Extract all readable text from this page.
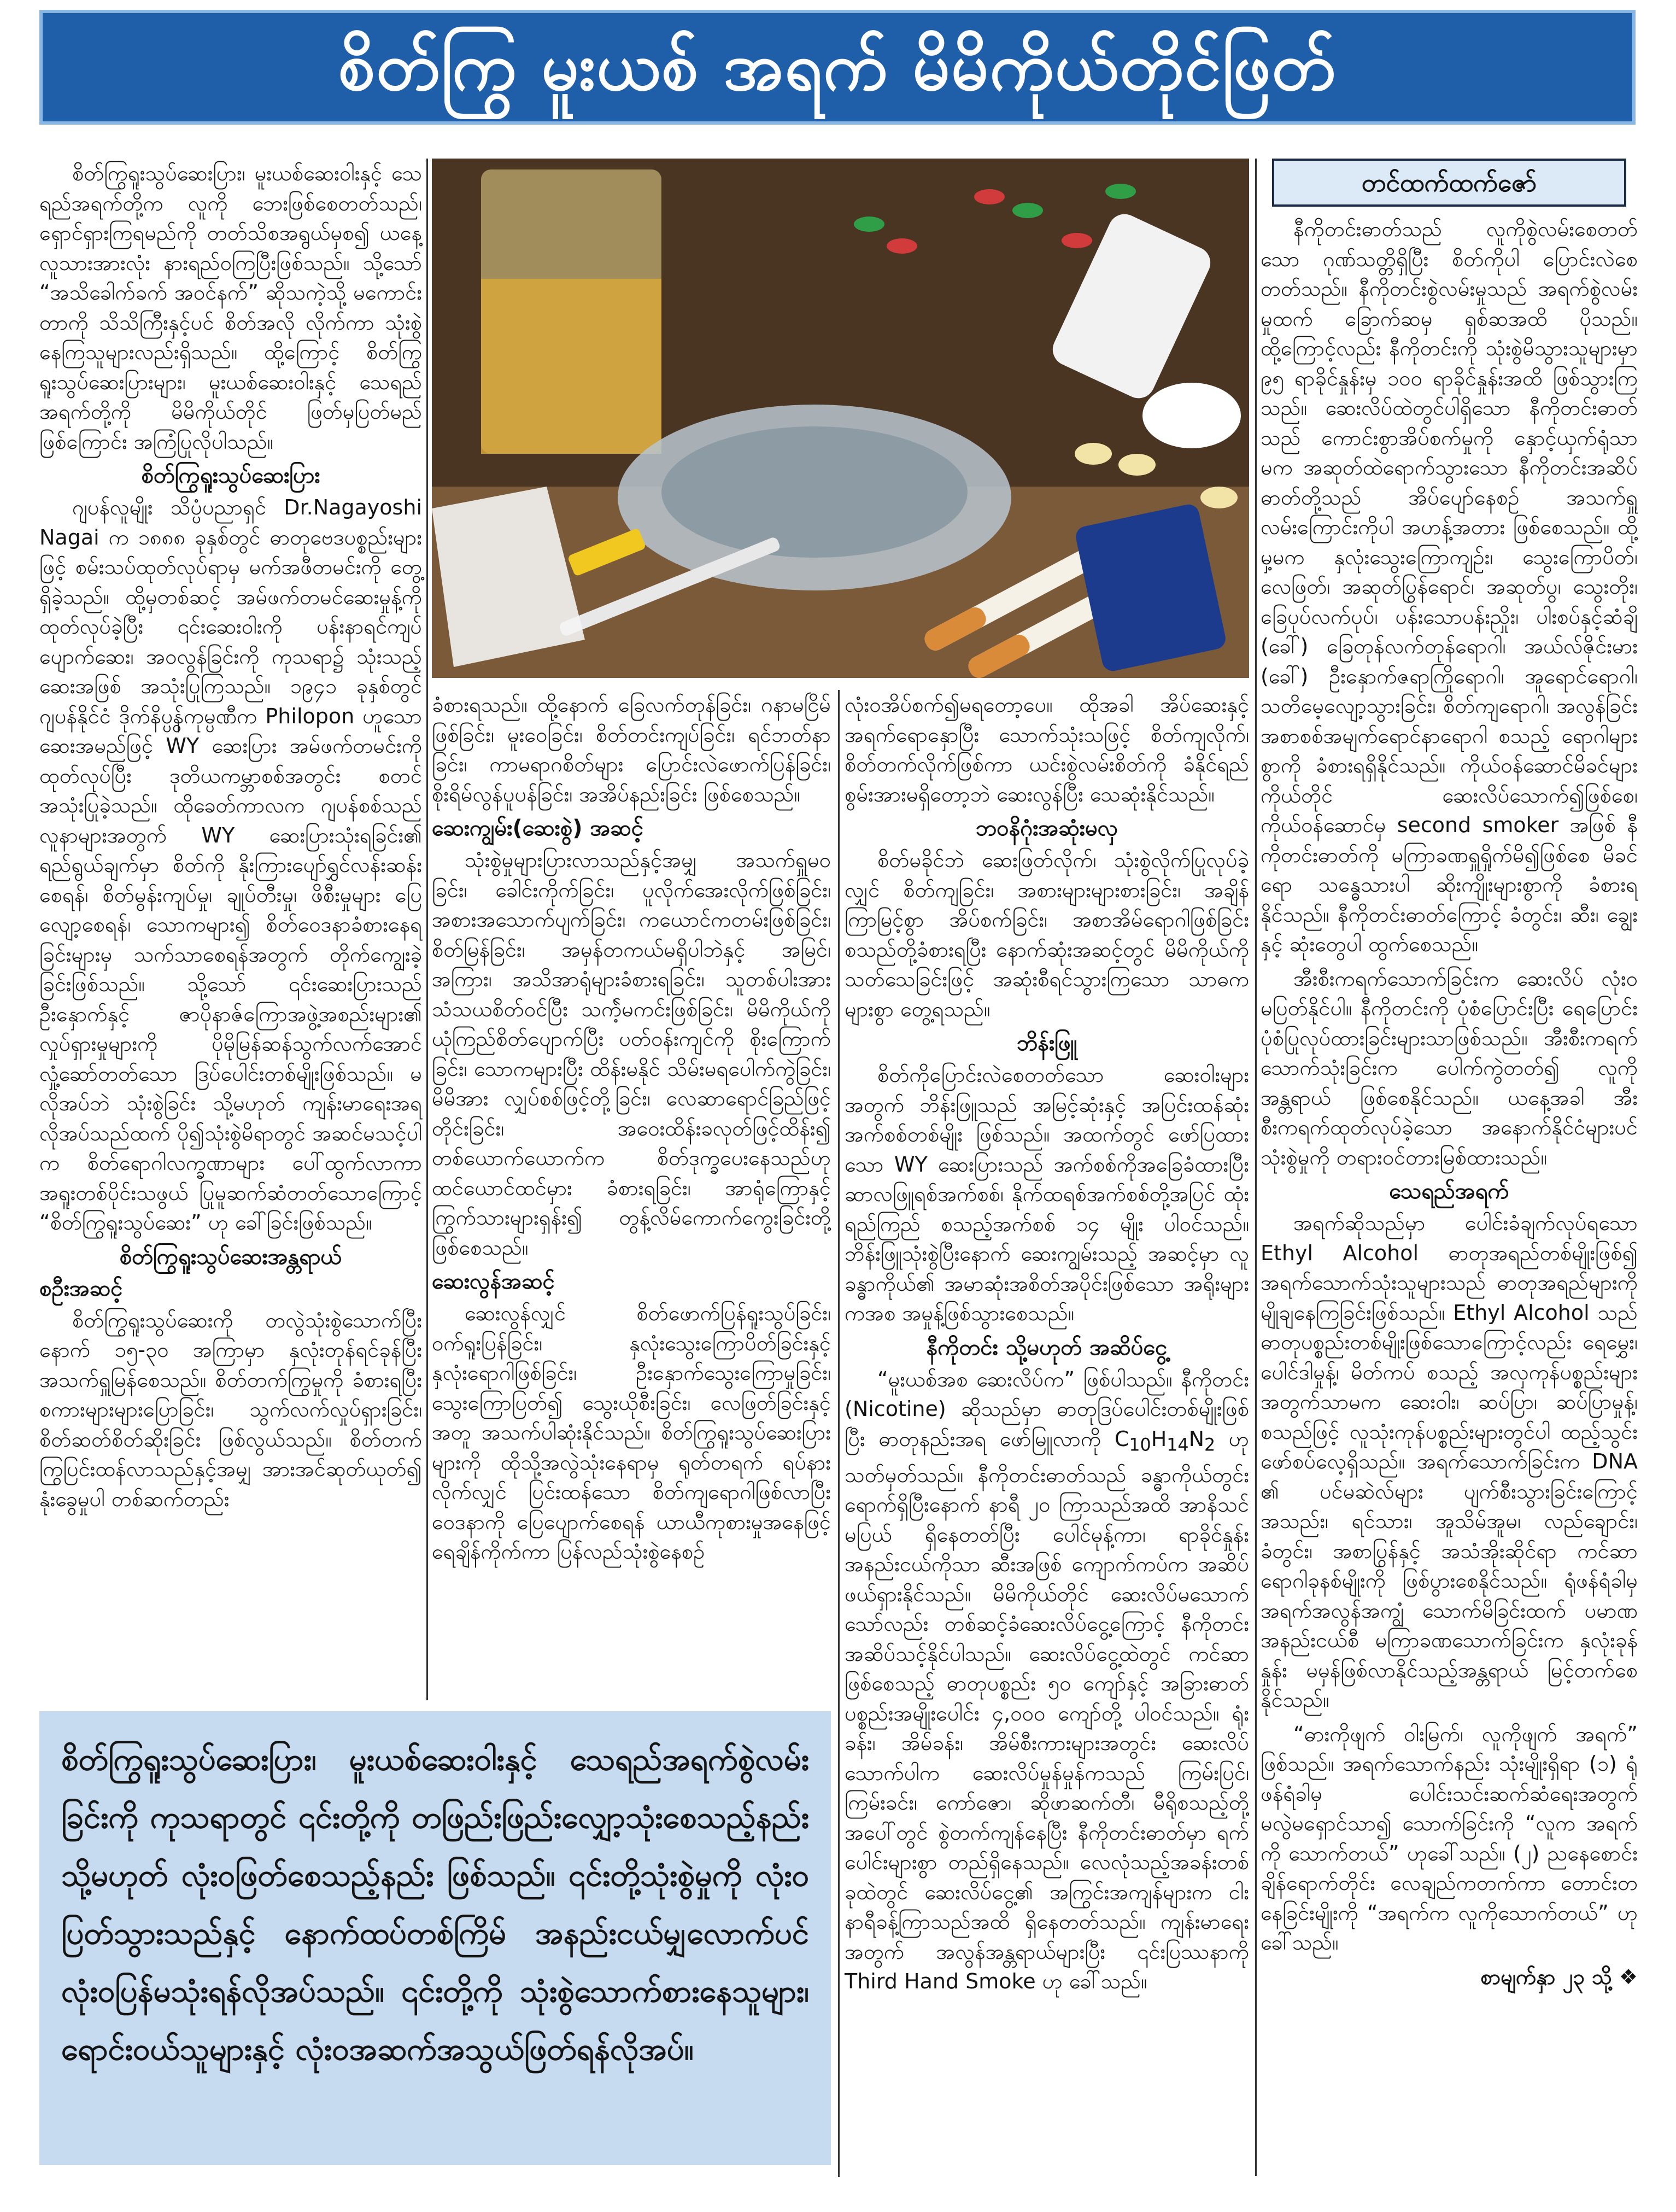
စိတ်ကြွ မူးယစ် အရက် မိမိကိုယ်တိုင်ဖြတ်

စိတ်ကြွရူးသွပ်ဆေးပြား၊ မူးယစ်ဆေးဝါးနှင့် သေရည်အရက်တို့က လူကို ဘေးဖြစ်စေတတ်သည်၊ ရှောင်ရှားကြရမည်ကို တတ်သိစအရွယ်မှစ၍ ယနေ့လူသားအားလုံး နားရည်ဝကြပြီးဖြစ်သည်။ သို့သော် “အသိခေါက်ခက် အဝင်နက်” ဆိုသကဲ့သို့ မကောင်းတာကို သိသိကြီးနှင့်ပင် စိတ်အလို လိုက်ကာ သုံးစွဲနေကြသူများလည်းရှိသည်။ ထို့ကြောင့် စိတ်ကြွရူးသွပ်ဆေးပြားများ၊ မူးယစ်ဆေးဝါးနှင့် သေရည်အရက်တို့ကို မိမိကိုယ်တိုင် ဖြတ်မှပြတ်မည်ဖြစ်ကြောင်း အကြံပြုလိုပါသည်။

စိတ်ကြွရူးသွပ်ဆေးပြား

ဂျပန်လူမျိုး သိပ္ပံပညာရှင် Dr.Nagayoshi Nagai က ၁၈၈၈ ခုနှစ်တွင် ဓာတုဗေဒပစ္စည်းများဖြင့် စမ်းသပ်ထုတ်လုပ်ရာမှ မက်အဖီတမင်းကို တွေ့ရှိခဲ့သည်။ ထို့မှတစ်ဆင့် အမ်ဖက်တမင်ဆေးမှုန့်ကို ထုတ်လုပ်ခဲ့ပြီး ၎င်းဆေးဝါးကို ပန်းနာရင်ကျပ် ပျောက်ဆေး၊ အဝလွန်ခြင်းကို ကုသရာ၌ သုံးသည့် ဆေးအဖြစ် အသုံးပြုကြသည်။ ၁၉၄၁ ခုနှစ်တွင် ဂျပန်နိုင်ငံ ဒိုက်နိပ္ပွန်ကုမ္ပဏီက Philopon ဟူသော ဆေးအမည်ဖြင့် WY ဆေးပြား အမ်ဖက်တမင်းကို ထုတ်လုပ်ပြီး ဒုတိယကမ္ဘာစစ်အတွင်း စတင် အသုံးပြုခဲ့သည်။ ထိုခေတ်ကာလက ဂျပန်စစ်သည် လူနာများအတွက် WY ဆေးပြားသုံးရခြင်း၏ ရည်ရွယ်ချက်မှာ စိတ်ကို နိုးကြားပျော်ရွှင်လန်းဆန်း စေရန်၊ စိတ်မွန်းကျပ်မှု၊ ချုပ်တီးမှု၊ ဖိစီးမှုများ ပြေလျော့စေရန်၊ သောကများ၍ စိတ်ဝေဒနာခံစားနေရခြင်းများမှ သက်သာစေရန်အတွက် တိုက်ကျွေးခဲ့ခြင်းဖြစ်သည်။ သို့သော် ၎င်းဆေးပြားသည် ဦးနှောက်နှင့် ဇာပိုနာဇ်ကြောအဖွဲ့အစည်းများ၏ လှုပ်ရှားမှုများကို ပိုမိုမြန်ဆန်သွက်လက်အောင် လှုံ့ဆော်တတ်သော ဒြပ်ပေါင်းတစ်မျိုးဖြစ်သည်။ မလိုအပ်ဘဲ သုံးစွဲခြင်း သို့မဟုတ် ကျန်းမာရေးအရ လိုအပ်သည်ထက် ပို၍သုံးစွဲမိရာတွင် အဆင်မသင့်ပါက စိတ်ရောဂါလက္ခဏာများ ပေါ်ထွက်လာကာ အရူးတစ်ပိုင်းသဖွယ် ပြုမူဆက်ဆံတတ်သောကြောင့် “စိတ်ကြွရူးသွပ်ဆေး” ဟု ခေါ်ခြင်းဖြစ်သည်။

စိတ်ကြွရူးသွပ်ဆေးအန္တရာယ်
စဦးအဆင့်

စိတ်ကြွရူးသွပ်ဆေးကို တလွဲသုံးစွဲသောက်ပြီးနောက် ၁၅-၃၀ အကြာမှာ နှလုံးတုန်ရင်ခုန်ပြီး အသက်ရှူမြန်စေသည်။ စိတ်တက်ကြွမှုကို ခံစားရပြီး စကားများများပြောခြင်း၊ သွက်လက်လှုပ်ရှားခြင်း၊ စိတ်ဆတ်စိတ်ဆိုးခြင်း ဖြစ်လွယ်သည်။ စိတ်တက်ကြွပြင်းထန်လာသည်နှင့်အမျှ အားအင်ဆုတ်ယုတ်၍ နုံးခွေမှုပါ တစ်ဆက်တည်း

ခံစားရသည်။ ထို့နောက် ခြေလက်တုန်ခြင်း၊ ဂနာမငြိမ်ဖြစ်ခြင်း၊ မူးဝေခြင်း၊ စိတ်တင်းကျပ်ခြင်း၊ ရင်ဘတ်နာခြင်း၊ ကာမရာဂစိတ်များ ပြောင်းလဲဖောက်ပြန်ခြင်း၊ စိုးရိမ်လွန်ပူပန်ခြင်း၊ အအိပ်နည်းခြင်း ဖြစ်စေသည်။

ဆေးကျွမ်း(ဆေးစွဲ) အဆင့်

သုံးစွဲမှုများပြားလာသည်နှင့်အမျှ အသက်ရှူမဝခြင်း၊ ခေါင်းကိုက်ခြင်း၊ ပူလိုက်အေးလိုက်ဖြစ်ခြင်း၊ အစားအသောက်ပျက်ခြင်း၊ ကယောင်ကတမ်းဖြစ်ခြင်း၊ စိတ်မြန်ခြင်း၊ အမှန်တကယ်မရှိပါဘဲနှင့် အမြင်၊ အကြား၊ အသိအာရုံများခံစားရခြင်း၊ သူတစ်ပါးအား သံသယစိတ်ဝင်ပြီး သက်ဲ့မကင်းဖြစ်ခြင်း၊ မိမိကိုယ်ကို ယုံကြည်စိတ်ပျောက်ပြီး ပတ်ဝန်းကျင်ကို စိုးကြောက်ခြင်း၊ သောကများပြီး ထိန်းမနိုင် သိမ်းမရပေါက်ကွဲခြင်း၊ မိမိအား လျှပ်စစ်ဖြင့်တို့ခြင်း၊ လေဆာရောင်ခြည်ဖြင့် တိုင်းခြင်း၊ အဝေးထိန်းခလုတ်ဖြင့်ထိန်း၍ တစ်ယောက်ယောက်က စိတ်ဒုက္ခပေးနေသည်ဟု ထင်ယောင်ထင်မှား ခံစားရခြင်း၊ အာရုံကြောနှင့် ကြွက်သားများရှန်း၍ တွန့်လိမ်ကောက်ကွေးခြင်းတို့ဖြစ်စေသည်။

ဆေးလွန်အဆင့်

ဆေးလွန်လျှင် စိတ်ဖောက်ပြန်ရူးသွပ်ခြင်း၊ ဝက်ရူးပြန်ခြင်း၊ နှလုံးသွေးကြောပိတ်ခြင်းနှင့် နှလုံးရောဂါဖြစ်ခြင်း၊ ဦးနှောက်သွေးကြောမှုခြင်း၊ သွေးကြောပြတ်၍ သွေးယိုစီးခြင်း၊ လေဖြတ်ခြင်းနှင့် အတူ အသက်ပါဆုံးနိုင်သည်။ စိတ်ကြွရူးသွပ်ဆေးပြားများကို ထိုသို့အလွဲသုံးနေရာမှ ရုတ်တရက် ရပ်နားလိုက်လျှင် ပြင်းထန်သော စိတ်ကျရောဂါဖြစ်လာပြီး ဝေဒနာကို ပြေပျောက်စေရန် ယာယီကုစားမှုအနေဖြင့် ရေချိန်ကိုက်ကာ ပြန်လည်သုံးစွဲနေစဉ်

လုံးဝအိပ်စက်၍မရတော့ပေ။ ထိုအခါ အိပ်ဆေးနှင့်အရက်ရောနှောပြီး သောက်သုံးသဖြင့် စိတ်ကျလိုက်၊ စိတ်တက်လိုက်ဖြစ်ကာ ယင်းစွဲလမ်းစိတ်ကို ခံနိုင်ရည်စွမ်းအားမရှိတော့ဘဲ ဆေးလွန်ပြီး သေဆုံးနိုင်သည်။

ဘဝနိဂုံးအဆုံးမလှ

စိတ်မခိုင်ဘဲ ဆေးဖြတ်လိုက်၊ သုံးစွဲလိုက်ပြုလုပ်ခဲ့လျှင် စိတ်ကျခြင်း၊ အစားများများစားခြင်း၊ အချိန်ကြာမြင့်စွာ အိပ်စက်ခြင်း၊ အစာအိမ်ရောဂါဖြစ်ခြင်းစသည်တို့ခံစားရပြီး နောက်ဆုံးအဆင့်တွင် မိမိကိုယ်ကို သတ်သေခြင်းဖြင့် အဆုံးစီရင်သွားကြသော သာဓကများစွာ တွေ့ရသည်။

ဘိန်းဖြူ

စိတ်ကိုပြောင်းလဲစေတတ်သော ဆေးဝါးများအတွက် ဘိန်းဖြူသည် အမြင့်ဆုံးနှင့် အပြင်းထန်ဆုံးအက်စစ်တစ်မျိုး ဖြစ်သည်။ အထက်တွင် ဖော်ပြထားသော WY ဆေးပြားသည် အက်စစ်ကိုအခြေခံထားပြီး ဆာလဖြူရစ်အက်စစ်၊ နိုက်ထရစ်အက်စစ်တို့အပြင် ထုံးရည်ကြည် စသည့်အက်စစ် ၁၄ မျိုး ပါဝင်သည်။ ဘိန်းဖြူသုံးစွဲပြီးနောက် ဆေးကျွမ်းသည့် အဆင့်မှာ လူခန္ဓာကိုယ်၏ အမာဆုံးအစိတ်အပိုင်းဖြစ်သော အရိုးများကအစ အမှုန့်ဖြစ်သွားစေသည်။

နီကိုတင်း သို့မဟုတ် အဆိပ်ငွေ့

“မူးယစ်အစ ဆေးလိပ်က” ဖြစ်ပါသည်။ နီကိုတင်း (Nicotine) ဆိုသည်မှာ ဓာတုဒြပ်ပေါင်းတစ်မျိုးဖြစ်ပြီး ဓာတုနည်းအရ ဖော်မြူလာကို $C_{10}H_{14}N_2$ ဟု သတ်မှတ်သည်။ နီကိုတင်းဓာတ်သည် ခန္ဓာကိုယ်တွင်း ရောက်ရှိပြီးနောက် နာရီ ၂၀ ကြာသည်အထိ အာနိသင်မပြယ် ရှိနေတတ်ပြီး ပေါင်မုန့်ကာ၊ ရာခိုင်နှုန်းအနည်းငယ်ကိုသာ ဆီးအဖြစ် ကျောက်ကပ်က အဆိပ်ဖယ်ရှားနိုင်သည်။ မိမိကိုယ်တိုင် ဆေးလိပ်မသောက်သော်လည်း တစ်ဆင့်ခံဆေးလိပ်ငွေ့ကြောင့် နီကိုတင်း အဆိပ်သင့်နိုင်ပါသည်။ ဆေးလိပ်ငွေ့ထဲတွင် ကင်ဆာဖြစ်စေသည့် ဓာတုပစ္စည်း ၅၀ ကျော်နှင့် အခြားဓာတ်ပစ္စည်းအမျိုးပေါင်း ၄,၀၀၀ ကျော်တို့ ပါဝင်သည်။ ရုံးခန်း၊ အိမ်ခန်း၊ အိမ်စီးကားများအတွင်း ဆေးလိပ်သောက်ပါက ဆေးလိပ်မှုန်မှုန်ကသည် ကြမ်းပြင်၊ ကြမ်းခင်း၊ ကော်ဇော၊ ဆိုဖာဆက်တီ၊ မီရိုစသည့်တို့အပေါ်တွင် စွဲတက်ကျန်နေပြီး နီကိုတင်းဓာတ်မှာ ရက်ပေါင်းများစွာ တည်ရှိနေသည်။ လေလုံသည့်အခန်းတစ်ခုထဲတွင် ဆေးလိပ်ငွေ့၏ အကြွင်းအကျန်များက ငါးနာရီခန့်ကြာသည်အထိ ရှိနေတတ်သည်။ ကျန်းမာရေးအတွက် အလွန်အန္တရာယ်များပြီး ၎င်းပြဿနာကို Third Hand Smoke ဟု ခေါ်သည်။

တင်ထက်ထက်ဇော်

နီကိုတင်းဓာတ်သည် လူကိုစွဲလမ်းစေတတ်သော ဂုဏ်သတ္တိရှိပြီး စိတ်ကိုပါ ပြောင်းလဲစေတတ်သည်။ နီကိုတင်းစွဲလမ်းမှုသည် အရက်စွဲလမ်းမှုထက် ခြောက်ဆမှ ရှစ်ဆအထိ ပိုသည်။ ထို့ကြောင့်လည်း နီကိုတင်းကို သုံးစွဲမိသွားသူများမှာ ၉၅ ရာခိုင်နှုန်းမှ ၁၀၀ ရာခိုင်နှုန်းအထိ ဖြစ်သွားကြသည်။ ဆေးလိပ်ထဲတွင်ပါရှိသော နီကိုတင်းဓာတ်သည် ကောင်းစွာအိပ်စက်မှုကို နှောင့်ယှက်ရုံသာမက အဆုတ်ထဲရောက်သွားသော နီကိုတင်းအဆိပ်ဓာတ်တို့သည် အိပ်ပျော်နေစဉ် အသက်ရှူလမ်းကြောင်းကိုပါ အဟန့်အတား ဖြစ်စေသည်။ ထို့မှ့မက နှလုံးသွေးကြောကျဉ်း၊ သွေးကြောပိတ်၊ လေဖြတ်၊ အဆုတ်ပြွန်ရောင်၊ အဆုတ်ပွ၊ သွေးတိုး၊ ခြေပုပ်လက်ပုပ်၊ ပန်းသောပန်းညှိုး၊ ပါးစပ်နှင့်ဆံချိ (ခေါ်) ခြေတုန်လက်တုန်ရောဂါ၊ အယ်လ်ဇိုင်းမား (ခေါ်) ဦးနှောက်ဇရာကြိုရောဂါ၊ အူရောင်ရောဂါ၊ သတိမေ့လျော့သွားခြင်း၊ စိတ်ကျရောဂါ၊ အလွန်ခြင်း အစာစစ်အမျက်ရောင်နာရောဂါ စသည့် ရောဂါများစွာကို ခံစားရရှိနိုင်သည်။ ကိုယ်ဝန်ဆောင်မိခင်များကိုယ်တိုင် ဆေးလိပ်သောက်၍ဖြစ်စေ၊ ကိုယ်ဝန်ဆောင်မှ second smoker အဖြစ် နီကိုတင်းဓာတ်ကို မကြာခဏရှူရှိုက်မိ၍ဖြစ်စေ မိခင်ရော သန္ဓေသားပါ ဆိုးကျိုးများစွာကို ခံစားရနိုင်သည်။ နီကိုတင်းဓာတ်ကြောင့် ခံတွင်း၊ ဆီး၊ ချွေးနှင့် ဆုံးတွေပါ ထွက်စေသည်။

အီးစီးကရက်သောက်ခြင်းက ဆေးလိပ် လုံးဝမပြတ်နိုင်ပါ။ နီကိုတင်းကို ပုံစံပြောင်းပြီး ရေပြောင်းပုံစံပြုလုပ်ထားခြင်းများသာဖြစ်သည်။ အီးစီးကရက်သောက်သုံးခြင်းက ပေါက်ကွဲတတ်၍ လူကိုအန္တရာယ် ဖြစ်စေနိုင်သည်။ ယနေ့အခါ အီးစီးကရက်ထုတ်လုပ်ခဲ့သော အနောက်နိုင်ငံများပင် သုံးစွဲမှုကို တရားဝင်တားမြစ်ထားသည်။

သေရည်အရက်

အရက်ဆိုသည်မှာ ပေါင်းခံချက်လုပ်ရသော Ethyl Alcohol ဓာတုအရည်တစ်မျိုးဖြစ်၍ အရက်သောက်သုံးသူများသည် ဓာတုအရည်များကို မျိုချနေကြခြင်းဖြစ်သည်။ Ethyl Alcohol သည် ဓာတုပစ္စည်းတစ်မျိုးဖြစ်သောကြောင့်လည်း ရေမွှေး၊ ပေါင်ဒါမှုန့်၊ မိတ်ကပ် စသည့် အလှကုန်ပစ္စည်းများအတွက်သာမက ဆေးဝါး၊ ဆပ်ပြာ၊ ဆပ်ပြာမှုန့်၊ စသည်ဖြင့် လူသုံးကုန်ပစ္စည်းများတွင်ပါ ထည့်သွင်းဖော်စပ်လေ့ရှိသည်။ အရက်သောက်ခြင်းက DNA ၏ ပင်မဆဲလ်များ ပျက်စီးသွားခြင်းကြောင့် အသည်း၊ ရင်သား၊ အူသိမ်အူမ၊ လည်ချောင်း၊ ခံတွင်း၊ အစာပြွန်နှင့် အသံအိုးဆိုင်ရာ ကင်ဆာရောဂါခုနစ်မျိုးကို ဖြစ်ပွားစေနိုင်သည်။ ရုံဖန်ရံခါမှ အရက်အလွန်အကျွံ သောက်မိခြင်းထက် ပမာဏအနည်းငယ်စီ မကြာခဏသောက်ခြင်းက နှလုံးခုန်နှုန်း မမှန်ဖြစ်လာနိုင်သည့်အန္တရာယ် မြင့်တက်စေနိုင်သည်။

“ဓားကိုဖျက် ဝါးမြက်၊ လူကိုဖျက် အရက်” ဖြစ်သည်။ အရက်သောက်နည်း သုံးမျိုးရှိရာ (၁) ရုံဖန်ရံခါမှ ပေါင်းသင်းဆက်ဆံရေးအတွက် မလွဲမရှောင်သာ၍ သောက်ခြင်းကို “လူက အရက်ကို သောက်တယ်” ဟုခေါ်သည်။ (၂) ညနေစောင်း ချိန်ရောက်တိုင်း လေချည်ကတက်ကာ တောင်းတနေခြင်းမျိုးကို “အရက်က လူကိုသောက်တယ်” ဟုခေါ်သည်။

စာမျက်နှာ ၂၃ သို့ ❖
စိတ်ကြွရူးသွပ်ဆေးပြား၊ မူးယစ်ဆေးဝါးနှင့် သေရည်အရက်စွဲလမ်းခြင်းကို ကုသရာတွင် ၎င်းတို့ကို တဖြည်းဖြည်းလျှော့သုံးစေသည့်နည်း သို့မဟုတ် လုံးဝဖြတ်စေသည့်နည်း ဖြစ်သည်။ ၎င်းတို့သုံးစွဲမှုကို လုံးဝပြတ်သွားသည်နှင့် နောက်ထပ်တစ်ကြိမ် အနည်းငယ်မျှလောက်ပင် လုံးဝပြန်မသုံးရန်လိုအပ်သည်။ ၎င်းတို့ကို သုံးစွဲသောက်စားနေသူများ၊ ရောင်းဝယ်သူများနှင့် လုံးဝအဆက်အသွယ်ဖြတ်ရန်လိုအပ်။
